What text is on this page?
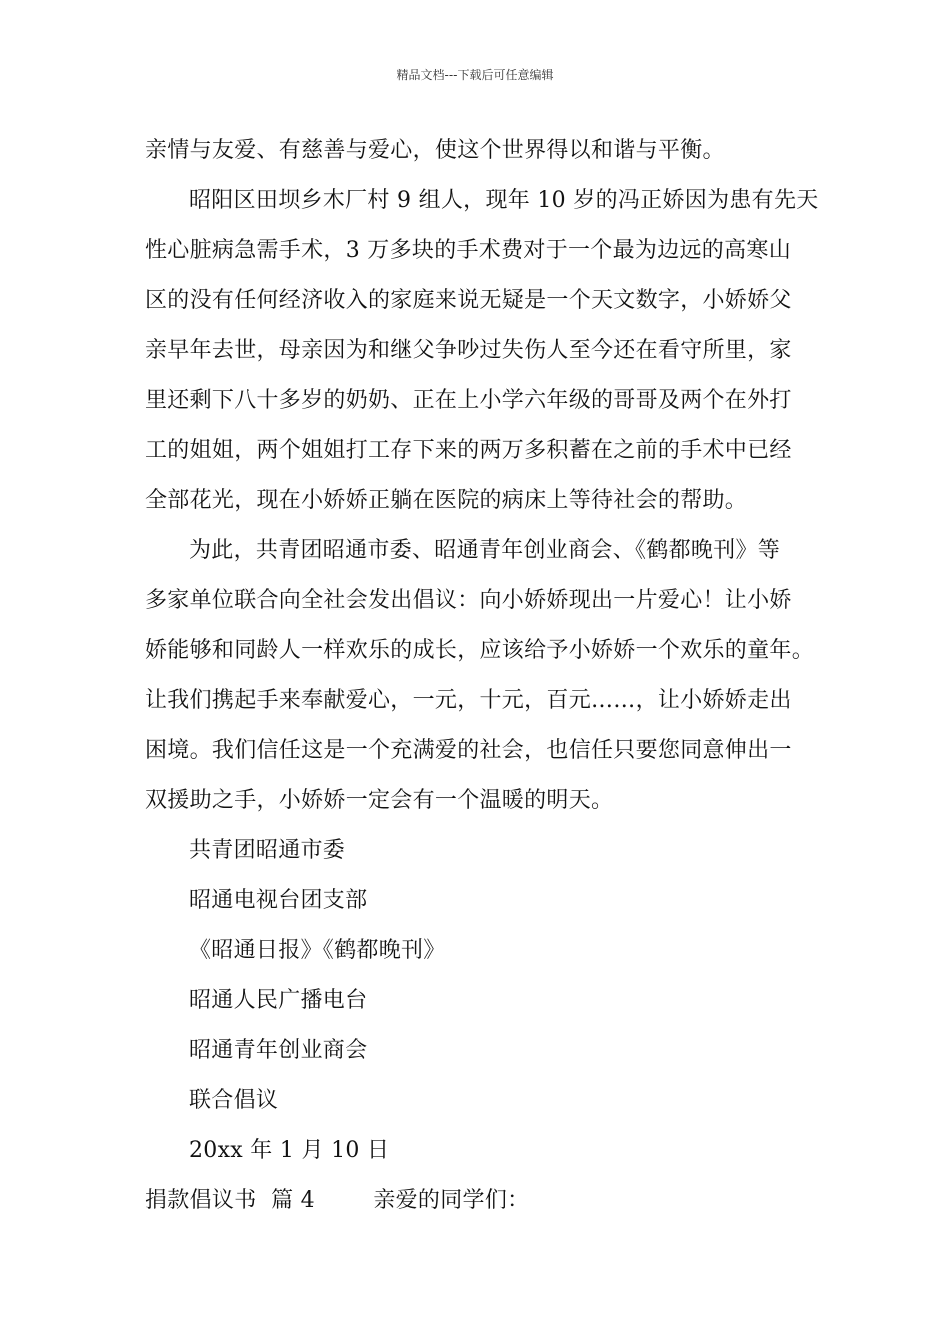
精品文档---下载后可任意编辑
亲情与友爱、有慈善与爱心，使这个世界得以和谐与平衡。
昭阳区田坝乡木厂村 9 组人，现年 10 岁的冯正娇因为患有先天
性心脏病急需手术，3 万多块的手术费对于一个最为边远的高寒山
区的没有任何经济收入的家庭来说无疑是一个天文数字，小娇娇父
亲早年去世，母亲因为和继父争吵过失伤人至今还在看守所里，家
里还剩下八十多岁的奶奶、正在上小学六年级的哥哥及两个在外打
工的姐姐，两个姐姐打工存下来的两万多积蓄在之前的手术中已经
全部花光，现在小娇娇正躺在医院的病床上等待社会的帮助。
为此，共青团昭通市委、昭通青年创业商会、《鹤都晚刊》等
多家单位联合向全社会发出倡议：向小娇娇现出一片爱心！让小娇
娇能够和同龄人一样欢乐的成长，应该给予小娇娇一个欢乐的童年。
让我们携起手来奉献爱心，一元，十元，百元……，让小娇娇走出
困境。我们信任这是一个充满爱的社会，也信任只要您同意伸出一
双援助之手，小娇娇一定会有一个温暖的明天。
共青团昭通市委
昭通电视台团支部
《昭通日报》《鹤都晚刊》
昭通人民广播电台
昭通青年创业商会
联合倡议
20xx 年 1 月 10 日
捐款倡议书  篇 4        亲爱的同学们：
